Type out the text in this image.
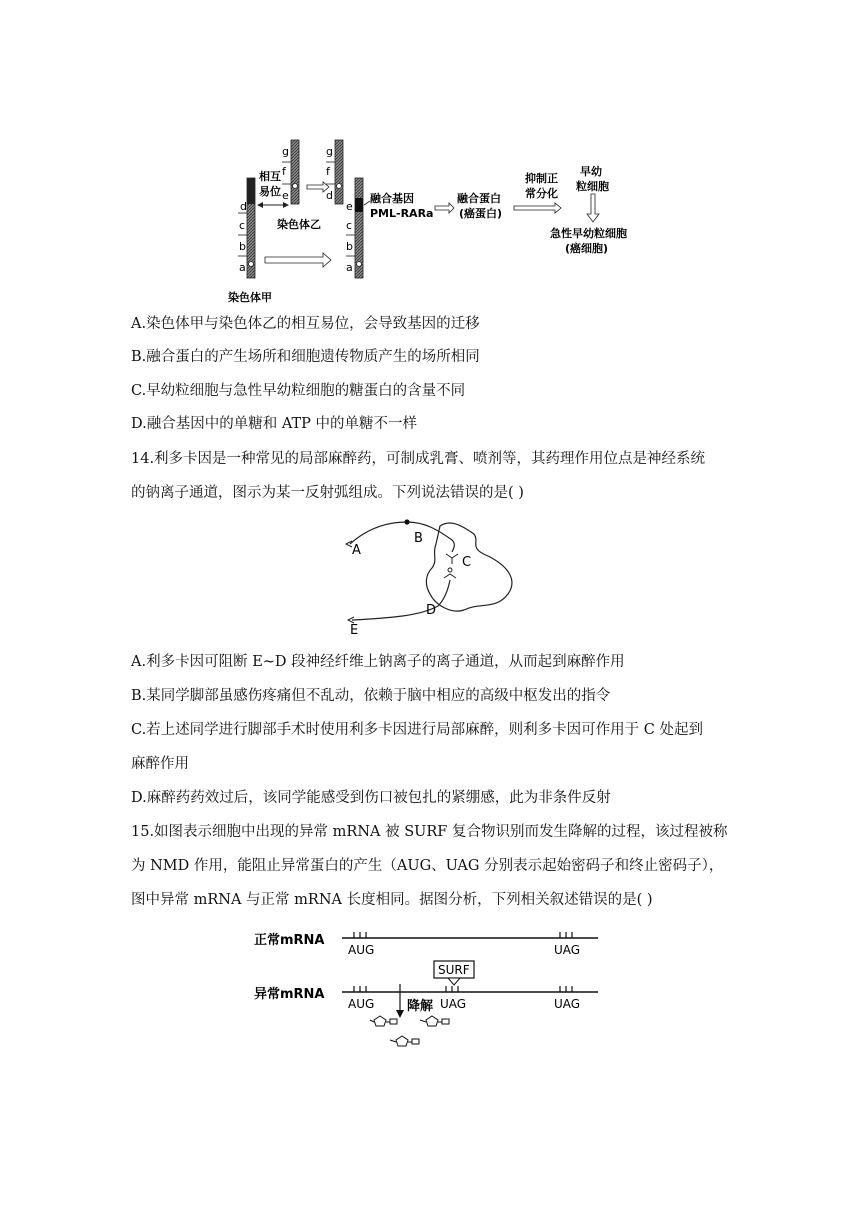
d
c
b
a
g
f
e
相互
易位
染色体乙
g
f
d
e
c
b
a
染色体甲
融合基因
PML-RARa
融合蛋白
(癌蛋白)
抑制正
常分化
早幼
粒细胞
急性早幼粒细胞
(癌细胞)
A.染色体甲与染色体乙的相互易位，会导致基因的迁移
B.融合蛋白的产生场所和细胞遗传物质产生的场所相同
C.早幼粒细胞与急性早幼粒细胞的糖蛋白的含量不同
D.融合基因中的单糖和 ATP 中的单糖不一样
14.利多卡因是一种常见的局部麻醉药，可制成乳膏、喷剂等，其药理作用位点是神经系统
的钠离子通道，图示为某一反射弧组成。下列说法错误的是( )
A
B
C
D
E
A.利多卡因可阻断 E~D 段神经纤维上钠离子的离子通道，从而起到麻醉作用
B.某同学脚部虽感伤疼痛但不乱动，依赖于脑中相应的高级中枢发出的指令
C.若上述同学进行脚部手术时使用利多卡因进行局部麻醉，则利多卡因可作用于 C 处起到
麻醉作用
D.麻醉药药效过后，该同学能感受到伤口被包扎的紧绷感，此为非条件反射
15.如图表示细胞中出现的异常 mRNA 被 SURF 复合物识别而发生降解的过程，该过程被称
为 NMD 作用，能阻止异常蛋白的产生（AUG、UAG 分别表示起始密码子和终止密码子），
图中异常 mRNA 与正常 mRNA 长度相同。据图分析，下列相关叙述错误的是( )
正常mRNA
AUG	UAG
SURF
异常mRNA
AUG	UAG	UAG
降解
